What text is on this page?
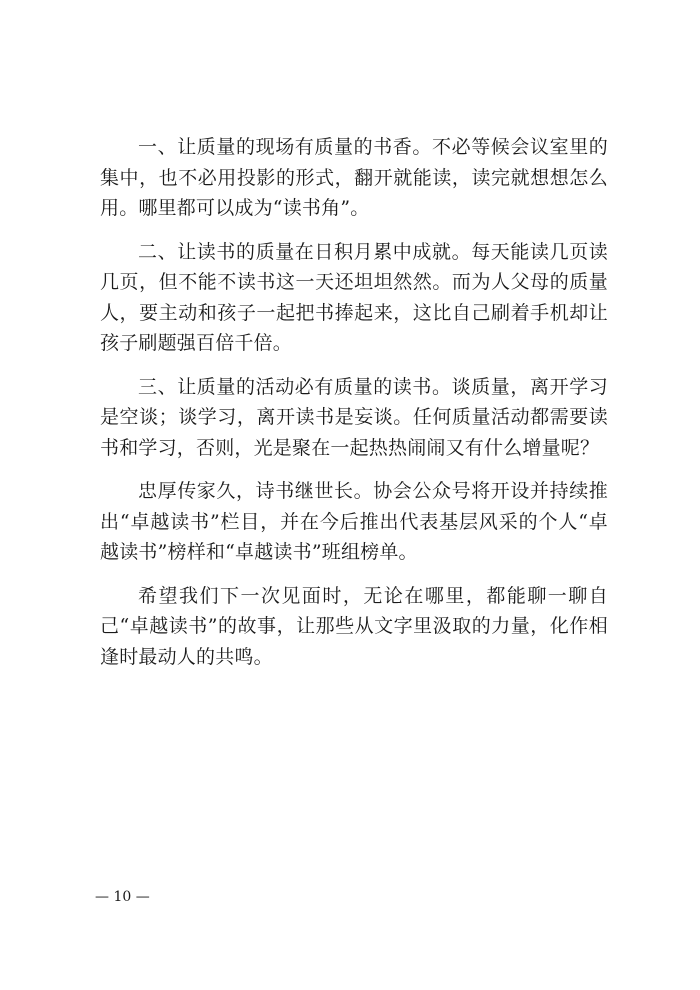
一、让质量的现场有质量的书香。不必等候会议室里的集中，也不必用投影的形式，翻开就能读，读完就想想怎么用。哪里都可以成为“读书角”。

二、让读书的质量在日积月累中成就。每天能读几页读几页，但不能不读书这一天还坦坦然然。而为人父母的质量人，要主动和孩子一起把书捧起来，这比自己刷着手机却让孩子刷题强百倍千倍。

三、让质量的活动必有质量的读书。谈质量，离开学习是空谈；谈学习，离开读书是妄谈。任何质量活动都需要读书和学习，否则，光是聚在一起热热闹闹又有什么增量呢？

忠厚传家久，诗书继世长。协会公众号将开设并持续推出“卓越读书”栏目，并在今后推出代表基层风采的个人“卓越读书”榜样和“卓越读书”班组榜单。

希望我们下一次见面时，无论在哪里，都能聊一聊自己“卓越读书”的故事，让那些从文字里汲取的力量，化作相逢时最动人的共鸣。

— 10 —
